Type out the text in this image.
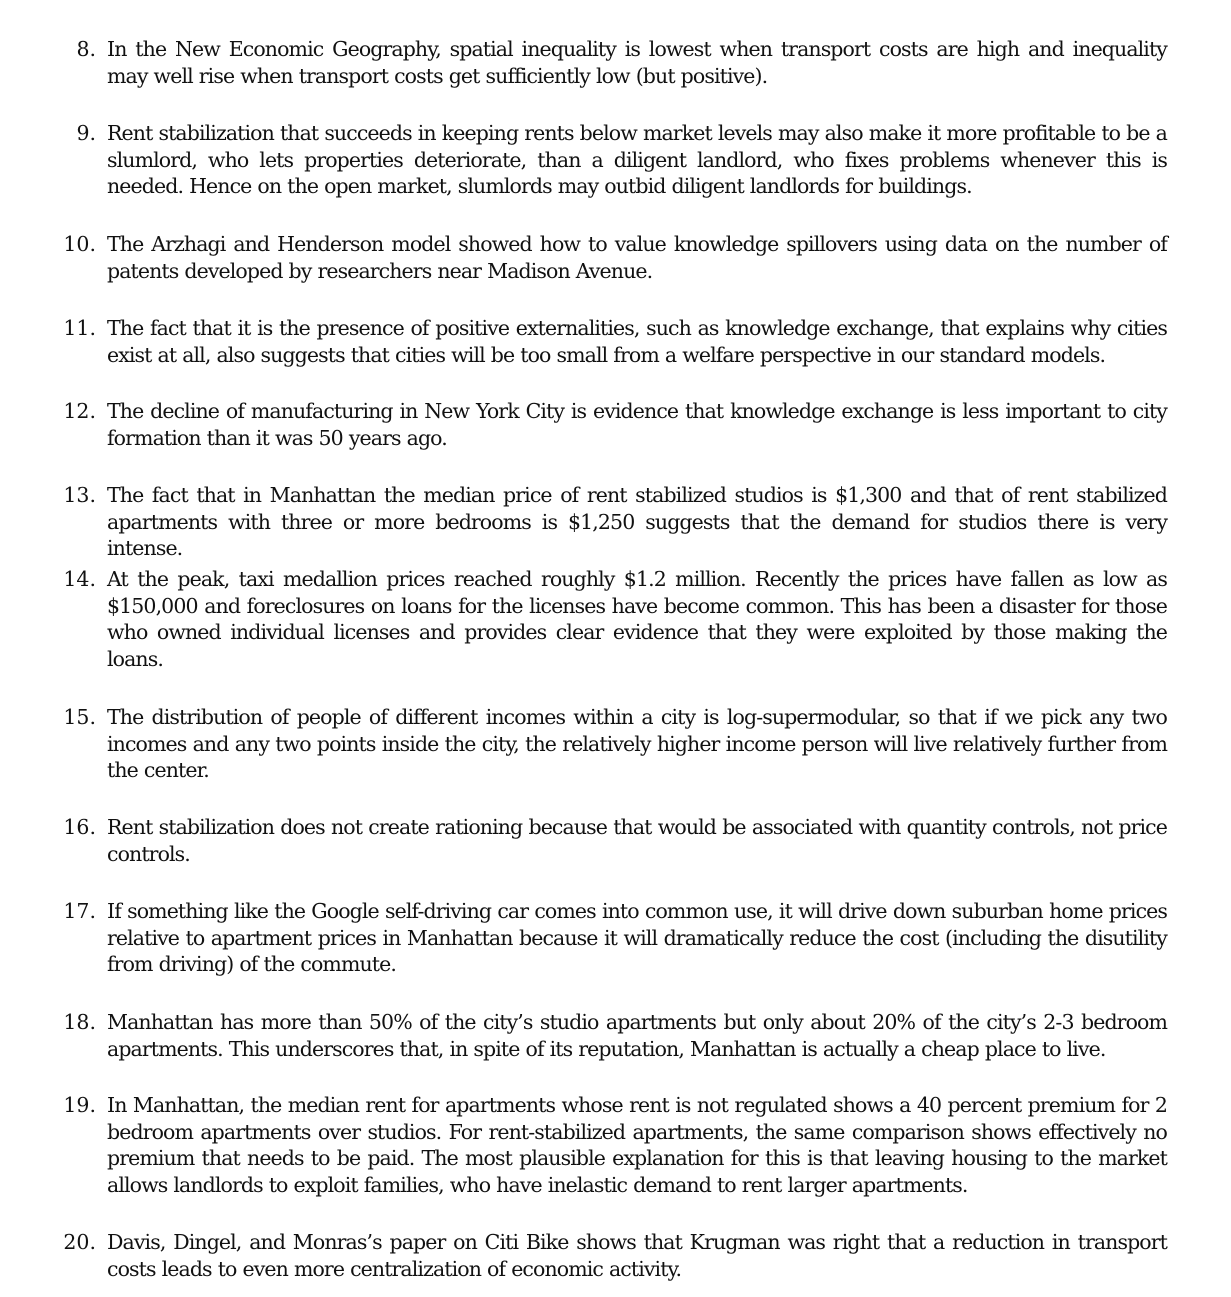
8. In the New Economic Geography, spatial inequality is lowest when transport costs are high and inequality may well rise when transport costs get sufficiently low (but positive).
9. Rent stabilization that succeeds in keeping rents below market levels may also make it more profitable to be a slumlord, who lets properties deteriorate, than a diligent landlord, who fixes problems whenever this is needed. Hence on the open market, slumlords may outbid diligent landlords for buildings.
10. The Arzhagi and Henderson model showed how to value knowledge spillovers using data on the number of patents developed by researchers near Madison Avenue.
11. The fact that it is the presence of positive externalities, such as knowledge exchange, that explains why cities exist at all, also suggests that cities will be too small from a welfare perspective in our standard models.
12. The decline of manufacturing in New York City is evidence that knowledge exchange is less important to city formation than it was 50 years ago.
13. The fact that in Manhattan the median price of rent stabilized studios is $1,300 and that of rent stabilized apartments with three or more bedrooms is $1,250 suggests that the demand for studios there is very intense.
14. At the peak, taxi medallion prices reached roughly $1.2 million. Recently the prices have fallen as low as $150,000 and foreclosures on loans for the licenses have become common. This has been a disaster for those who owned individual licenses and provides clear evidence that they were exploited by those making the loans.
15. The distribution of people of different incomes within a city is log-supermodular, so that if we pick any two incomes and any two points inside the city, the relatively higher income person will live relatively further from the center.
16. Rent stabilization does not create rationing because that would be associated with quantity controls, not price controls.
17. If something like the Google self-driving car comes into common use, it will drive down suburban home prices relative to apartment prices in Manhattan because it will dramatically reduce the cost (including the disutility from driving) of the commute.
18. Manhattan has more than 50% of the city’s studio apartments but only about 20% of the city’s 2-3 bedroom apartments. This underscores that, in spite of its reputation, Manhattan is actually a cheap place to live.
19. In Manhattan, the median rent for apartments whose rent is not regulated shows a 40 percent premium for 2 bedroom apartments over studios. For rent-stabilized apartments, the same comparison shows effectively no premium that needs to be paid. The most plausible explanation for this is that leaving housing to the market allows landlords to exploit families, who have inelastic demand to rent larger apartments.
20. Davis, Dingel, and Monras’s paper on Citi Bike shows that Krugman was right that a reduction in transport costs leads to even more centralization of economic activity.
